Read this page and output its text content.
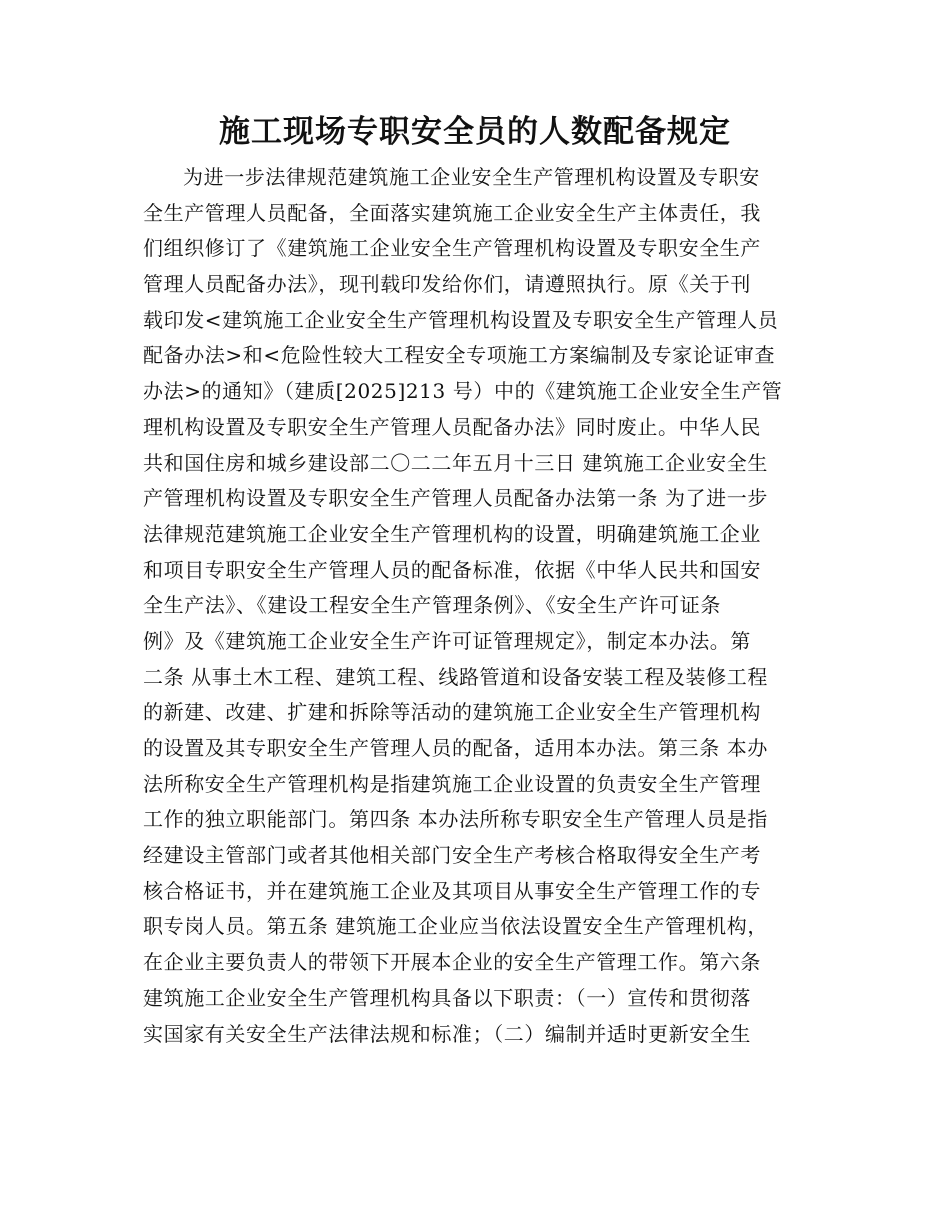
施工现场专职安全员的人数配备规定
为进一步法律规范建筑施工企业安全生产管理机构设置及专职安
全生产管理人员配备，全面落实建筑施工企业安全生产主体责任，我
们组织修订了《建筑施工企业安全生产管理机构设置及专职安全生产
管理人员配备办法》，现刊载印发给你们，请遵照执行。原《关于刊
载印发<建筑施工企业安全生产管理机构设置及专职安全生产管理人员
配备办法>和<危险性较大工程安全专项施工方案编制及专家论证审查
办法>的通知》（建质[2025]213 号）中的《建筑施工企业安全生产管
理机构设置及专职安全生产管理人员配备办法》同时废止。中华人民
共和国住房和城乡建设部二〇二二年五月十三日 建筑施工企业安全生
产管理机构设置及专职安全生产管理人员配备办法第一条 为了进一步
法律规范建筑施工企业安全生产管理机构的设置，明确建筑施工企业
和项目专职安全生产管理人员的配备标准，依据《中华人民共和国安
全生产法》、《建设工程安全生产管理条例》、《安全生产许可证条
例》及《建筑施工企业安全生产许可证管理规定》，制定本办法。第
二条 从事土木工程、建筑工程、线路管道和设备安装工程及装修工程
的新建、改建、扩建和拆除等活动的建筑施工企业安全生产管理机构
的设置及其专职安全生产管理人员的配备，适用本办法。第三条 本办
法所称安全生产管理机构是指建筑施工企业设置的负责安全生产管理
工作的独立职能部门。第四条 本办法所称专职安全生产管理人员是指
经建设主管部门或者其他相关部门安全生产考核合格取得安全生产考
核合格证书，并在建筑施工企业及其项目从事安全生产管理工作的专
职专岗人员。第五条 建筑施工企业应当依法设置安全生产管理机构，
在企业主要负责人的带领下开展本企业的安全生产管理工作。第六条
建筑施工企业安全生产管理机构具备以下职责：（一）宣传和贯彻落
实国家有关安全生产法律法规和标准；（二）编制并适时更新安全生
